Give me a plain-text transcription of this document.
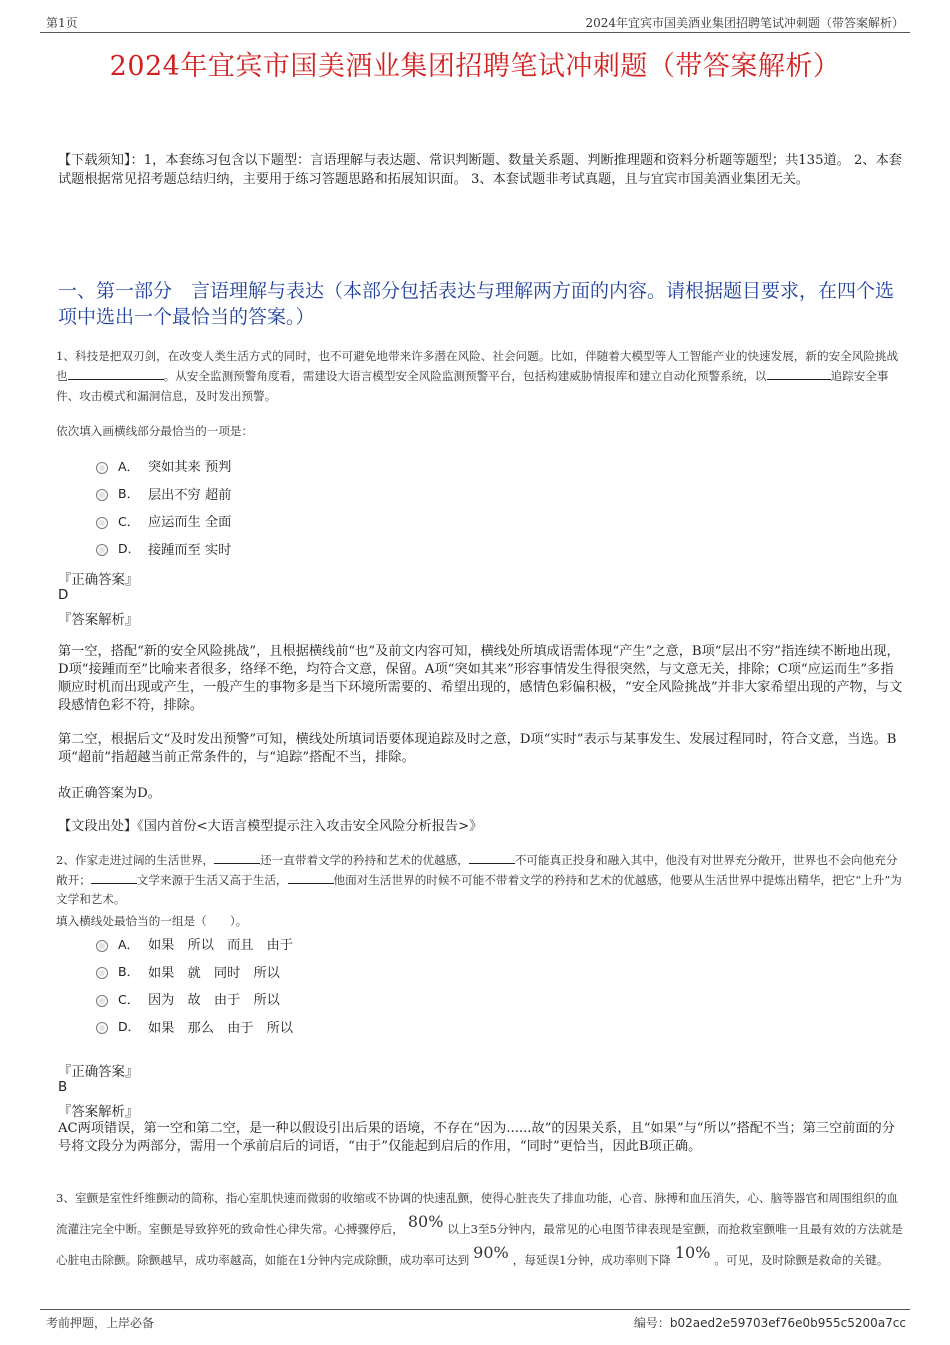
第1页	2024年宜宾市国美酒业集团招聘笔试冲刺题（带答案解析）
2024年宜宾市国美酒业集团招聘笔试冲刺题（带答案解析）
【下载须知】：1，本套练习包含以下题型：言语理解与表达题、常识判断题、数量关系题、判断推理题和资料分析题等题型；共135道。 2、本套试题根据常见招考题总结归纳，主要用于练习答题思路和拓展知识面。 3、本套试题非考试真题，且与宜宾市国美酒业集团无关。
一、第一部分　言语理解与表达（本部分包括表达与理解两方面的内容。请根据题目要求，在四个选项中选出一个最恰当的答案。）
1、科技是把双刃剑，在改变人类生活方式的同时，也不可避免地带来许多潜在风险、社会问题。比如，伴随着大模型等人工智能产业的快速发展，新的安全风险挑战也	。从安全监测预警角度看，需建设大语言模型安全风险监测预警平台，包括构建威胁情报库和建立自动化预警系统，以	追踪安全事件、攻击模式和漏洞信息，及时发出预警。
依次填入画横线部分最恰当的一项是：
A． 突如其来 预判
B． 层出不穷 超前
C． 应运而生 全面
D． 接踵而至 实时
『正确答案』
D
『答案解析』
第一空，搭配“新的安全风险挑战”，且根据横线前“也”及前文内容可知，横线处所填成语需体现“产生”之意，B项“层出不穷”指连续不断地出现，D项“接踵而至”比喻来者很多，络绎不绝，均符合文意，保留。A项“突如其来”形容事情发生得很突然，与文意无关，排除；C项“应运而生”多指顺应时机而出现或产生，一般产生的事物多是当下环境所需要的、希望出现的，感情色彩偏积极，“安全风险挑战”并非大家希望出现的产物，与文段感情色彩不符，排除。
第二空，根据后文“及时发出预警”可知，横线处所填词语要体现追踪及时之意，D项“实时”表示与某事发生、发展过程同时，符合文意，当选。B项“超前”指超越当前正常条件的，与“追踪”搭配不当，排除。
故正确答案为D。
【文段出处】《国内首份<大语言模型提示注入攻击安全风险分析报告>》
2、作家走进过阔的生活世界，	还一直带着文学的矜持和艺术的优越感，	不可能真正投身和融入其中，他没有对世界充分敞开，世界也不会向他充分敞开；	文学来源于生活又高于生活，	他面对生活世界的时候不可能不带着文学的矜持和艺术的优越感，他要从生活世界中提炼出精华，把它“上升”为文学和艺术。
填入横线处最恰当的一组是（　　）。
A． 如果　所以　而且　由于
B． 如果　就　同时　所以
C． 因为　故　由于　所以
D． 如果　那么　由于　所以
『正确答案』
B
『答案解析』
AC两项错误，第一空和第二空，是一种以假设引出后果的语境，不存在“因为......故”的因果关系，且“如果”与“所以”搭配不当；第三空前面的分号将文段分为两部分，需用一个承前启后的词语，“由于”仅能起到启后的作用，“同时”更恰当，因此B项正确。
3、室颤是室性纤维颤动的简称，指心室肌快速而微弱的收缩或不协调的快速乱颤，使得心脏丧失了排血功能，心音、脉搏和血压消失，心、脑等器官和周围组织的血流灌注完全中断。室颤是导致猝死的致命性心律失常。心搏骤停后， 80% 以上3至5分钟内，最常见的心电图节律表现是室颤，而抢救室颤唯一且最有效的方法就是心脏电击除颤。除颤越早，成功率越高，如能在1分钟内完成除颤，成功率可达到 90% ，每延误1分钟，成功率则下降 10% 。可见，及时除颤是救命的关键。
考前押题，上岸必备	编号：b02aed2e59703ef76e0b955c5200a7cc
